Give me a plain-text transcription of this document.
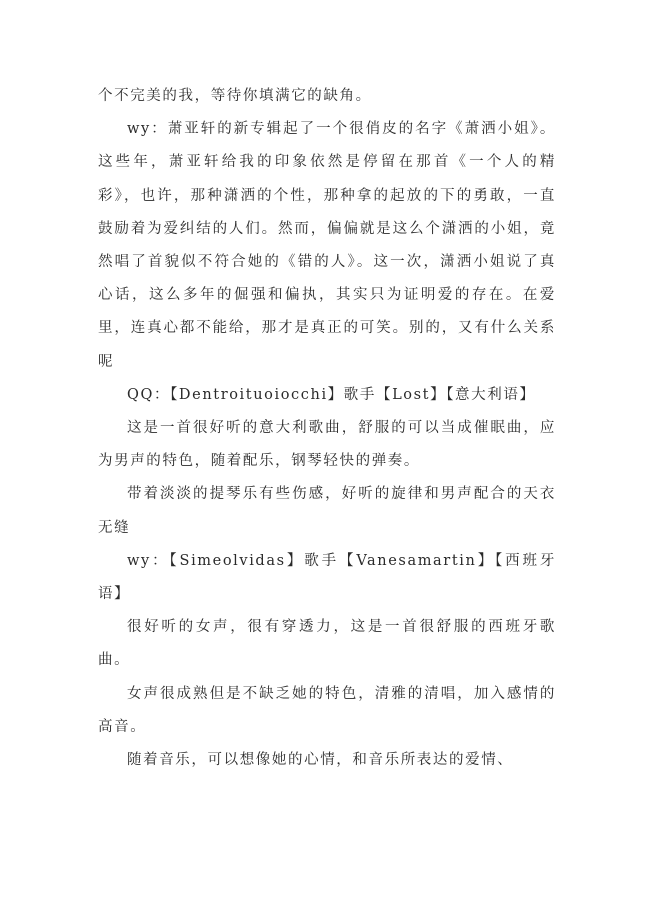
个不完美的我，等待你填满它的缺角。

wy：萧亚轩的新专辑起了一个很俏皮的名字《萧洒小姐》。这些年，萧亚轩给我的印象依然是停留在那首《一个人的精彩》，也许，那种潇洒的个性，那种拿的起放的下的勇敢，一直鼓励着为爱纠结的人们。然而，偏偏就是这么个潇洒的小姐，竟然唱了首貌似不符合她的《错的人》。这一次，潇洒小姐说了真心话，这么多年的倔强和偏执，其实只为证明爱的存在。在爱里，连真心都不能给，那才是真正的可笑。别的，又有什么关系呢

QQ：【Dentroituoiocchi】歌手【Lost】【意大利语】

这是一首很好听的意大利歌曲，舒服的可以当成催眠曲，应为男声的特色，随着配乐，钢琴轻快的弹奏。

带着淡淡的提琴乐有些伤感，好听的旋律和男声配合的天衣无缝

wy：【Simeolvidas】歌手【Vanesamartin】【西班牙语】

很好听的女声，很有穿透力，这是一首很舒服的西班牙歌曲。

女声很成熟但是不缺乏她的特色，清雅的清唱，加入感情的高音。

随着音乐，可以想像她的心情，和音乐所表达的爱情、
